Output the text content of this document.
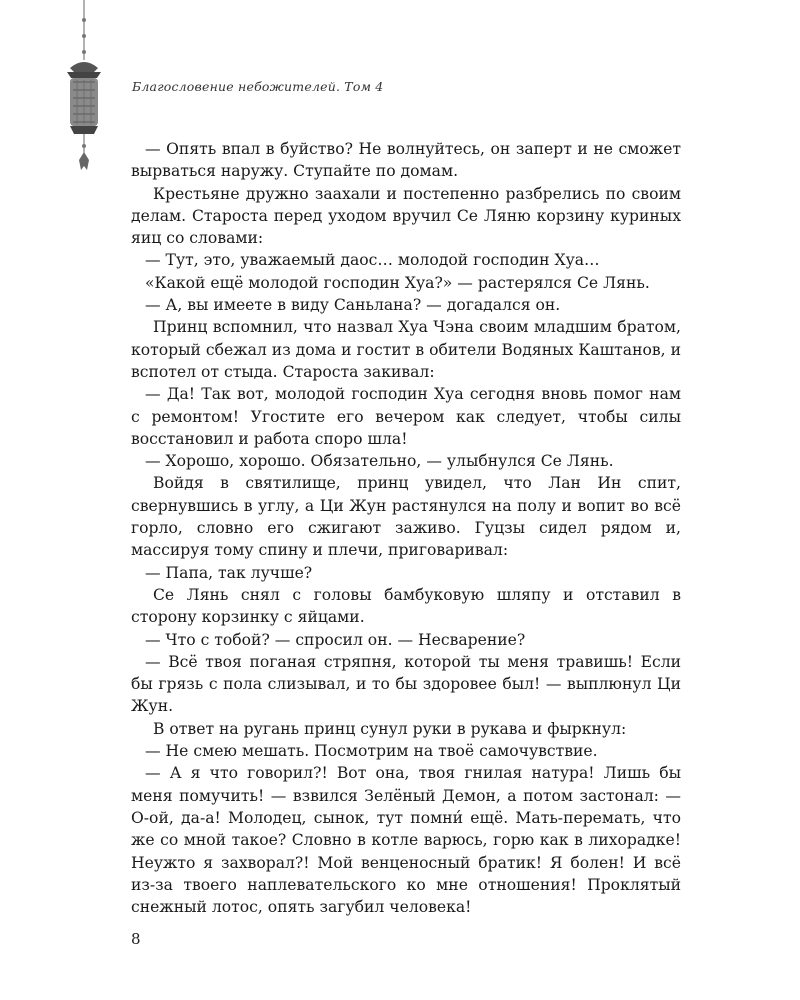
Благословение небожителей. Том 4

— Опять впал в буйство? Не волнуйтесь, он заперт и не сможет вырваться наружу. Ступайте по домам.

Крестьяне дружно заахали и постепенно разбрелись по своим делам. Староста перед уходом вручил Се Ляню корзину куриных яиц со словами:

— Тут, это, уважаемый даос… молодой господин Хуа…

«Какой ещё молодой господин Хуа?» — растерялся Се Лянь.

— А, вы имеете в виду Саньлана? — догадался он.

Принц вспомнил, что назвал Хуа Чэна своим младшим братом, который сбежал из дома и гостит в обители Водяных Каштанов, и вспотел от стыда. Староста закивал:

— Да! Так вот, молодой господин Хуа сегодня вновь помог нам с ремонтом! Угостите его вечером как следует, чтобы силы восстановил и работа споро шла!

— Хорошо, хорошо. Обязательно, — улыбнулся Се Лянь.

Войдя в святилище, принц увидел, что Лан Ин спит, свернувшись в углу, а Ци Жун растянулся на полу и вопит во всё горло, словно его сжигают заживо. Гуцзы сидел рядом и, массируя тому спину и плечи, приговаривал:

— Папа, так лучше?

Се Лянь снял с головы бамбуковую шляпу и отставил в сторону корзинку с яйцами.

— Что с тобой? — спросил он. — Несварение?

— Всё твоя поганая стряпня, которой ты меня травишь! Если бы грязь с пола слизывал, и то бы здоровее был! — выплюнул Ци Жун.

В ответ на ругань принц сунул руки в рукава и фыркнул:

— Не смею мешать. Посмотрим на твоё самочувствие.

— А я что говорил?! Вот она, твоя гнилая натура! Лишь бы меня помучить! — взвился Зелёный Демон, а потом застонал: — О-ой, да-а! Молодец, сынок, тут помни́ ещё. Мать-перемать, что же со мной такое? Словно в котле варюсь, горю как в лихорадке! Неужто я захворал?! Мой венценосный братик! Я болен! И всё из-за твоего наплевательского ко мне отношения! Проклятый снежный лотос, опять загубил человека!

8
